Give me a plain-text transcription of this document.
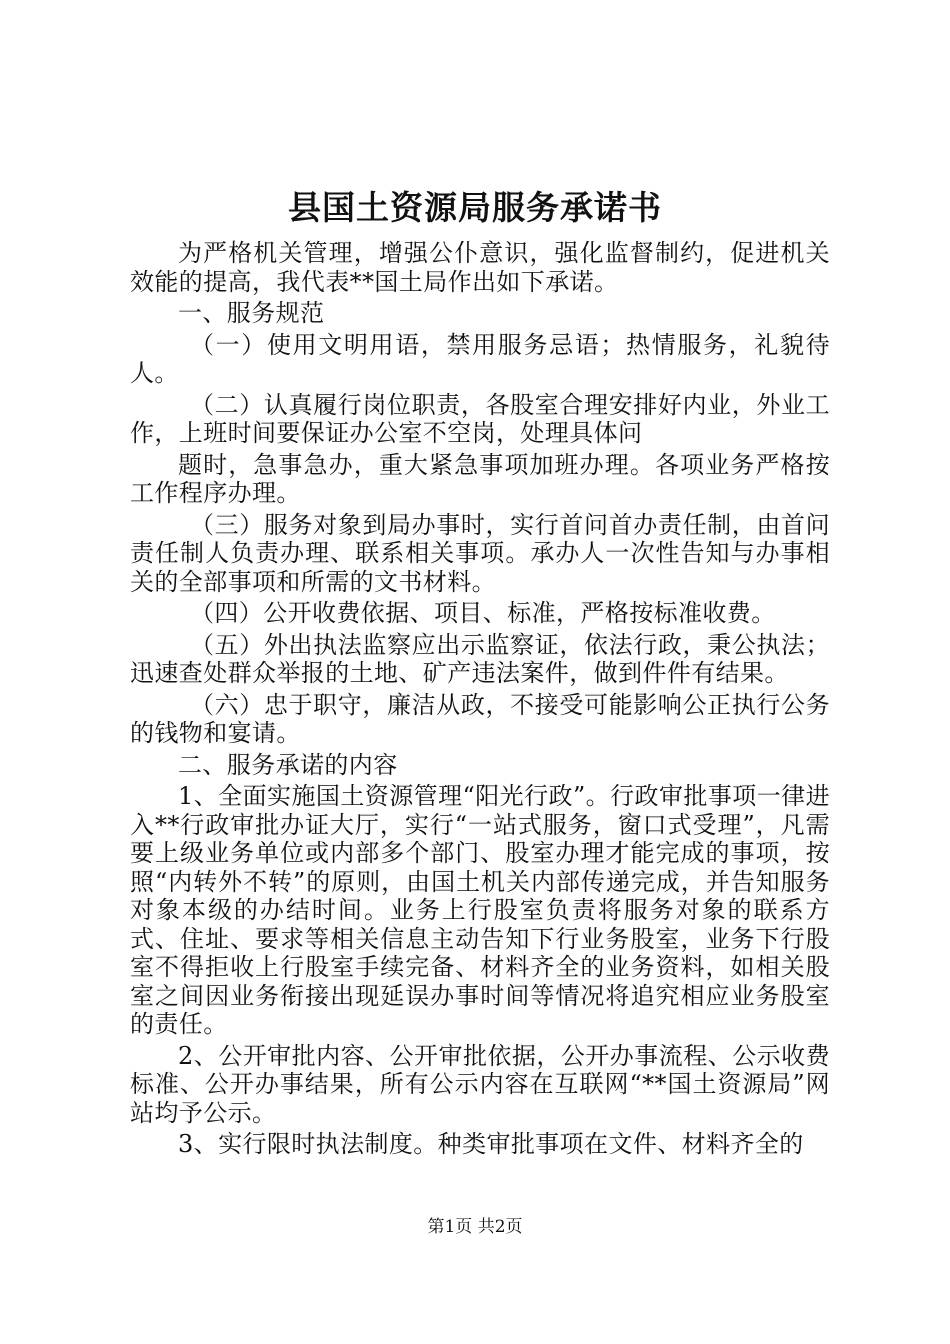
县国土资源局服务承诺书

为严格机关管理，增强公仆意识，强化监督制约，促进机关效能的提高，我代表**国土局作出如下承诺。

一、服务规范

（一）使用文明用语，禁用服务忌语；热情服务，礼貌待人。

（二）认真履行岗位职责，各股室合理安排好内业，外业工作，上班时间要保证办公室不空岗，处理具体问

题时，急事急办，重大紧急事项加班办理。各项业务严格按工作程序办理。

（三）服务对象到局办事时，实行首问首办责任制，由首问责任制人负责办理、联系相关事项。承办人一次性告知与办事相关的全部事项和所需的文书材料。

（四）公开收费依据、项目、标准，严格按标准收费。

（五）外出执法监察应出示监察证，依法行政，秉公执法；迅速查处群众举报的土地、矿产违法案件，做到件件有结果。

（六）忠于职守，廉洁从政，不接受可能影响公正执行公务的钱物和宴请。

二、服务承诺的内容

1、全面实施国土资源管理“阳光行政”。行政审批事项一律进入**行政审批办证大厅，实行“一站式服务，窗口式受理”，凡需要上级业务单位或内部多个部门、股室办理才能完成的事项，按照“内转外不转”的原则，由国土机关内部传递完成，并告知服务对象本级的办结时间。业务上行股室负责将服务对象的联系方式、住址、要求等相关信息主动告知下行业务股室，业务下行股室不得拒收上行股室手续完备、材料齐全的业务资料，如相关股室之间因业务衔接出现延误办事时间等情况将追究相应业务股室的责任。

2、公开审批内容、公开审批依据，公开办事流程、公示收费标准、公开办事结果，所有公示内容在互联网“**国土资源局”网站均予公示。

3、实行限时执法制度。种类审批事项在文件、材料齐全的

第1页 共2页
